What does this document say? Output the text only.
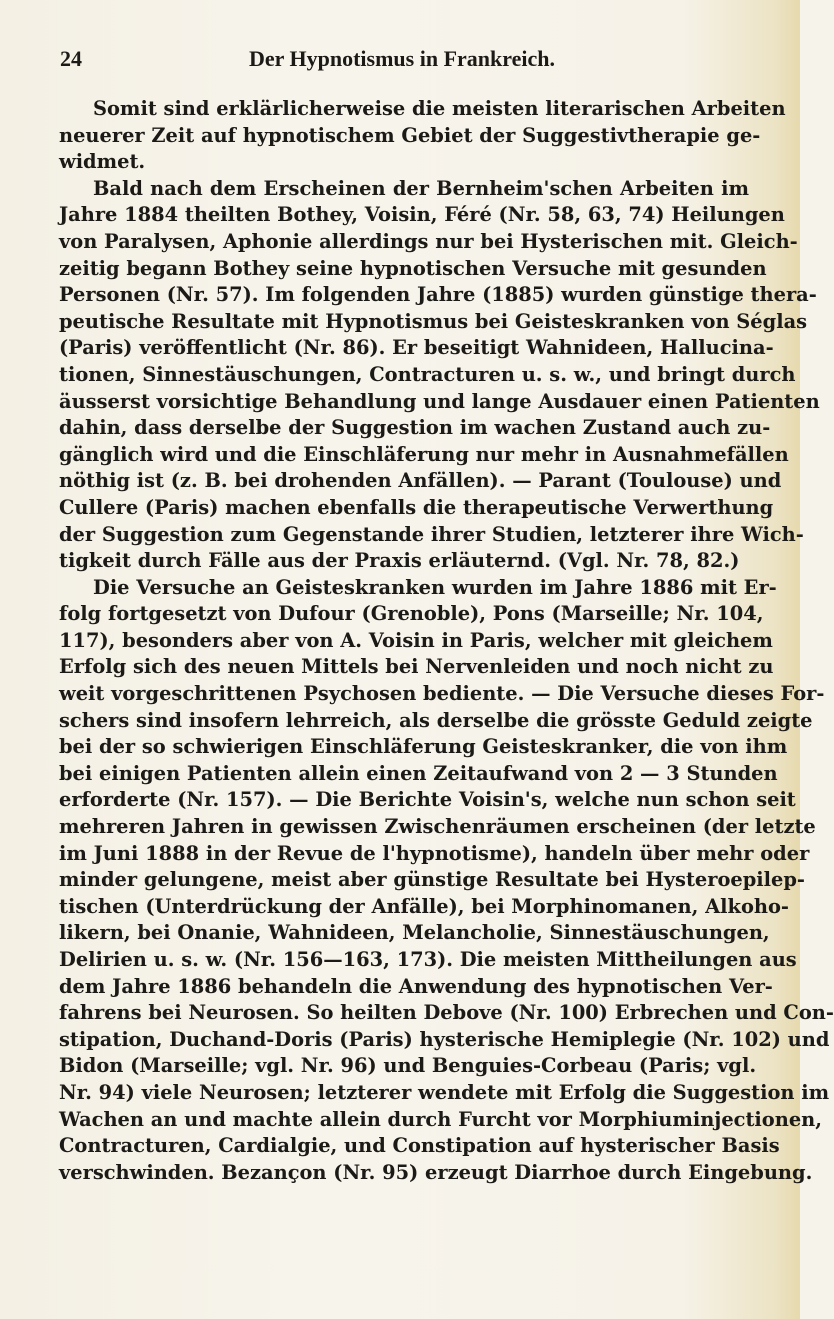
24	Der Hypnotismus in Frankreich.
Somit sind erklärlicherweise die meisten literarischen Arbeiten
neuerer Zeit auf hypnotischem Gebiet der Suggestivtherapie ge-
widmet.
Bald nach dem Erscheinen der Bernheim'schen Arbeiten im
Jahre 1884 theilten Bothey, Voisin, Féré (Nr. 58, 63, 74) Heilungen
von Paralysen, Aphonie allerdings nur bei Hysterischen mit. Gleich-
zeitig begann Bothey seine hypnotischen Versuche mit gesunden
Personen (Nr. 57). Im folgenden Jahre (1885) wurden günstige thera-
peutische Resultate mit Hypnotismus bei Geisteskranken von Séglas
(Paris) veröffentlicht (Nr. 86). Er beseitigt Wahnideen, Hallucina-
tionen, Sinnestäuschungen, Contracturen u. s. w., und bringt durch
äusserst vorsichtige Behandlung und lange Ausdauer einen Patienten
dahin, dass derselbe der Suggestion im wachen Zustand auch zu-
gänglich wird und die Einschläferung nur mehr in Ausnahmefällen
nöthig ist (z. B. bei drohenden Anfällen). — Parant (Toulouse) und
Cullere (Paris) machen ebenfalls die therapeutische Verwerthung
der Suggestion zum Gegenstande ihrer Studien, letzterer ihre Wich-
tigkeit durch Fälle aus der Praxis erläuternd. (Vgl. Nr. 78, 82.)
Die Versuche an Geisteskranken wurden im Jahre 1886 mit Er-
folg fortgesetzt von Dufour (Grenoble), Pons (Marseille; Nr. 104,
117), besonders aber von A. Voisin in Paris, welcher mit gleichem
Erfolg sich des neuen Mittels bei Nervenleiden und noch nicht zu
weit vorgeschrittenen Psychosen bediente. — Die Versuche dieses For-
schers sind insofern lehrreich, als derselbe die grösste Geduld zeigte
bei der so schwierigen Einschläferung Geisteskranker, die von ihm
bei einigen Patienten allein einen Zeitaufwand von 2 — 3 Stunden
erforderte (Nr. 157). — Die Berichte Voisin's, welche nun schon seit
mehreren Jahren in gewissen Zwischenräumen erscheinen (der letzte
im Juni 1888 in der Revue de l'hypnotisme), handeln über mehr oder
minder gelungene, meist aber günstige Resultate bei Hysteroepilep-
tischen (Unterdrückung der Anfälle), bei Morphinomanen, Alkoho-
likern, bei Onanie, Wahnideen, Melancholie, Sinnestäuschungen,
Delirien u. s. w. (Nr. 156—163, 173). Die meisten Mittheilungen aus
dem Jahre 1886 behandeln die Anwendung des hypnotischen Ver-
fahrens bei Neurosen. So heilten Debove (Nr. 100) Erbrechen und Con-
stipation, Duchand-Doris (Paris) hysterische Hemiplegie (Nr. 102) und
Bidon (Marseille; vgl. Nr. 96) und Benguies-Corbeau (Paris; vgl.
Nr. 94) viele Neurosen; letzterer wendete mit Erfolg die Suggestion im
Wachen an und machte allein durch Furcht vor Morphiuminjectionen,
Contracturen, Cardialgie, und Constipation auf hysterischer Basis
verschwinden. Bezançon (Nr. 95) erzeugt Diarrhoe durch Eingebung.
